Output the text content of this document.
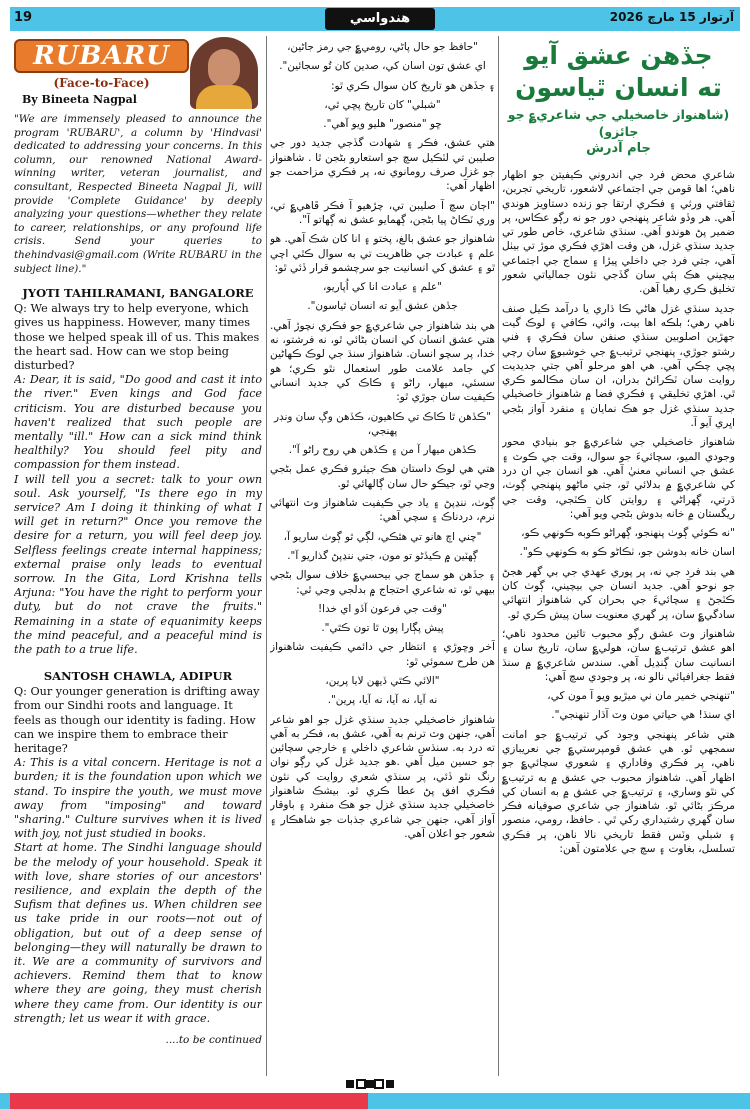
19	هندواسي	آرتوار 15 مارچ 2026
RUBARU
(Face-to-Face)
By Bineeta Nagpal
"We are immensely pleased to announce the program 'RUBARU', a column by 'Hindvasi' dedicated to addressing your concerns. In this column, our renowned National Award-winning writer, veteran journalist, and consultant, Respected Bineeta Nagpal Ji, will provide 'Complete Guidance' by deeply analyzing your questions—whether they relate to career, relationships, or any profound life crisis. Send your queries to thehindvasi@gmail.com (Write RUBARU in the subject line)."
JYOTI TAHILRAMANI, BANGALORE
Q: We always try to help everyone, which gives us happiness. However, many times those we helped speak ill of us. This makes the heart sad. How can we stop being disturbed?
A: Dear, it is said, "Do good and cast it into the river." Even kings and God face criticism. You are disturbed because you haven't realized that such people are mentally "ill." How can a sick mind think healthily? You should feel pity and compassion for them instead.
I will tell you a secret: talk to your own soul. Ask yourself, "Is there ego in my service? Am I doing it thinking of what I will get in return?" Once you remove the desire for a return, you will feel deep joy. Selfless feelings create internal happiness; external praise only leads to eventual sorrow. In the Gita, Lord Krishna tells Arjuna: "You have the right to perform your duty, but do not crave the fruits." Remaining in a state of equanimity keeps the mind peaceful, and a peaceful mind is the path to a true life.
SANTOSH CHAWLA, ADIPUR
Q: Our younger generation is drifting away from our Sindhi roots and language. It feels as though our identity is fading. How can we inspire them to embrace their heritage?
A: This is a vital concern. Heritage is not a burden; it is the foundation upon which we stand. To inspire the youth, we must move away from "imposing" and toward "sharing." Culture survives when it is lived with joy, not just studied in books.
Start at home. The Sindhi language should be the melody of your household. Speak it with love, share stories of our ancestors' resilience, and explain the depth of the Sufism that defines us. When children see us take pride in our roots—not out of obligation, but out of a deep sense of belonging—they will naturally be drawn to it. We are a community of survivors and achievers. Remind them that to know where they are going, they must cherish where they came from. Our identity is our strength; let us wear it with grace.
....to be continued

"حافظ جو حال پاڻي، رومي؏ جي رمز جاڻين،

اي عشق تون اسان کي، صدين کان تُو سجائين".

۽ جڏهن هو تاريخ کان سوال ڪري ٿو:

"شبلي" کان تاريخ پڇي ٿي،

ڇو "منصور" هليو ويو آهي".

هتي عشق، فڪر ۽ شهادت گڏجي جديد دور جي صليبن تي لٽڪيل سچ جو استعارو بڻجن ٿا . شاهنواز جو غزل صرف رومانوي نه، پر فڪري مزاحمت جو اظهار آهي:

"اڄان سچ آ صليبن تي، چڙهيو آ فڪر ڦاهي؏ تي، وري ٽڪاڻ پيا بڻجن، ڳهمايو عشق نه ڳهاتو آ".

شاهنواز جو عشق بالغ، پختو ۽ انا کان شڪ آهي. هو علم ۽ عبادت جي ظاهريت تي به سوال ڪٿي اچي ٿو ۽ عشق کي انسانيت جو سرچشمو قرار ڏئي ٿو:

"علم ۽ عبادت انا کي اُپاريو،

جڏهن عشق آيو ته انسان ٿياسون".

هي بند شاهنواز جي شاعري؏ جو فڪري نچوڙ آهي. هتي عشق انسان کي انسان بڻائي ٿو، نه فرشتو، نه خدا، پر سچو انسان. شاهنواز سنڌ جي لوڪ ڪهاڻين کي جامد علامت طور استعمال نٿو ڪري؛ هو سسئي، ميهار، راڻو ۽ ڪاڪ کي جديد انساني ڪيفيت سان جوڙي ٿو:

"ڪڏهن ٿا ڪاڪ تي ڪاهيون، ڪڏهن وڳ سان ونڊر پهنجي،

ڪڏهن ميهار آ من ۽ ڪڏهن هي روح راڻو آ".

هتي هي لوڪ داستان هڪ جيئرو فڪري عمل بڻجي وڃي ٿو، جيڪو حال سان ڳالهائي ٿو.

ڳوٺ، ننڍپڻ ۽ ياد جي ڪيفيت شاهنواز وٽ انتهائي نرم، دردناڪ ۽ سچي آهي:

"چني اچ هانو تي هٿڪي، لڳي ٿو ڳوٺ ساريو آ،

ڳهٽين ۾ ڪيڏڻو تو مون، جتي ننڍپڻ گذاريو آ".

۽ جڏهن هو سماج جي بيحسي؏ خلاف سوال بڻجي بيهي ٿو، ته شاعري احتجاج ۾ بدلجي وڃي ٿي:

"وقت جي فرعون آڏو اي خدا!

پيش پڳارا پون ٿا تون ڪٿي".

آخر وڇوڙي ۽ انتظار جي دائمي ڪيفيت شاهنواز هن طرح سموئي ٿو:

"الائي ڪٿي ڏيهن لايا پرين،

نه آيا، نه آيا، نه آيا، پرين".

شاهنواز خاصخيلي جديد سنڌي غزل جو اهو شاعر آهي، جنهن وٽ ترنم به آهي، عشق به، فڪر به آهي ته درد به. سنڌس شاعري داخلي ۽ خارجي سچائين جو حسين ميل آهي .هو جديد غزل کي رڳو نوان رنگ نٿو ڏئي، پر سنڌي شعري روايت کي نئون فڪري افق پڻ عطا ڪري ٿو. بيشڪ شاهنواز خاصخيلي جديد سنڌي غزل جو هڪ منفرد ۽ باوقار آواز آهي، جنهن جي شاعري جذبات جو شاهڪار ۽ شعور جو اعلان آهي.

جڏهن عشق آيو
ته انسان ٿياسون
(شاهنواز خاصخيلي جي شاعري؏ جو جائزو)
جام آدرش

شاعري محض فرد جي اندروني ڪيفيتن جو اظهار ناهي؛ اها قومن جي اجتماعي لاشعور، تاريخي تجربن، ثقافتي ورثي ۽ فڪري ارتقا جو زنده دستاويز هوندي آهي. هر وڏو شاعر پنهنجي دور جو نه رڳو عڪاس، پر ضمير پڻ هوندو آهي. سنڌي شاعري، خاص طور تي جديد سنڌي غزل، هن وقت اهڙي فڪري موڙ تي بيٺل آهي، جتي فرد جي داخلي پيڙا ۽ سماج جي اجتماعي بيچيني هڪ ٻئي سان گڏجي نئون جمالياتي شعور تخليق ڪري رهيا آهن.

جديد سنڌي غزل هاڻي ڪا ڌاري يا درآمد ڪيل صنف ناهي رهي؛ بلڪه اها بيت، وائي، ڪافي ۽ لوڪ گيت جهڙين اصلوبين سنڌي صنفن سان فڪري ۽ فني رشتو جوڙي، پنهنجي ترتيب؏ جي خوشبو؏ سان رچي پچي چڪي آهي. هي اهو مرحلو آهي جتي جديديت روايت سان ٽڪرائڻ بدران، ان سان مڪالمو ڪري ٿي. اهڙي تخليقي ۽ فڪري فضا ۾ شاهنواز خاصخيلي جديد سنڌي غزل جو هڪ نمايان ۽ منفرد آواز بڻجي اڀري آيو آ.

شاهنواز خاصخيلي جي شاعري؏ جو بنيادي محور وجودي الميو، سچائيءَ جو سوال، وقت جي ڪوٽ ۽ عشق جي انساني معنيٰ آهي. هو انسان جي ان درد کي شاعري؏ ۾ بدلائي ٿو، جتي ماڻهو پنهنجي ڳوٺ، ڌرتي، ڳهراڻي ۽ روايتن کان ڪٽجي، وقت جي ريگستان ۾ خانه بدوش بڻجي ويو آهي:

"نه ڪوئي ڳوٺ پنهنجو، ڳهراڻو ڪوبه ڪونهي ڪو،

اسان خانه بدوشن جو، ٺڪاڻو ڪو به ڪونهي ڪو".

هي بند فرد جي نه، پر پوري عهدي جي بي گهر هجڻ جو نوحو آهي. جديد انسان جي بيچيني، ڳوٺ کان ڪٽجڻ ۽ سچائيءَ جي بحران کي شاهنواز انتهائي سادگي؏ سان، پر گهري معنويت سان پيش ڪري ٿو.

شاهنواز وٽ عشق رڳو محبوب تائين محدود ناهي؛ اهو عشق ترتيب؏ سان، هولي؏ سان، تاريخ سان ۽ انسانيت سان ڳنڍيل آهي. سندس شاعري؏ ۾ سنڌ فقط جغرافيائي نالو نه، پر وجودي سچ آهي:

"تنهنجي خمير مان ني ميڙيو ويو آ مون کي،

اي سنڌ! هي حياتي مون وٽ آڌار تنهنجي".

هتي شاعر پنهنجي وجود کي ترتيب؏ جو امانت سمجهي ٿو. هي عشق قومپرستي؏ جي نعريبازي ناهي، پر فڪري وفاداري ۽ شعوري سچائي؏ جو اظهار آهي. شاهنواز محبوب جي عشق ۾ به ترتيب؏ کي نٿو وساري، ۽ ترتيب؏ جي عشق ۾ به انسان کي مرڪز بڻائي ٿو. شاهنواز جي شاعري صوفيانه فڪر سان گهري رشتيداري رکي ٿي . حافظ، رومي، منصور ۽ شبلي وٽس فقط تاريخي نالا ناهن، پر فڪري تسلسل، بغاوت ۽ سچ جي علامتون آهن:
